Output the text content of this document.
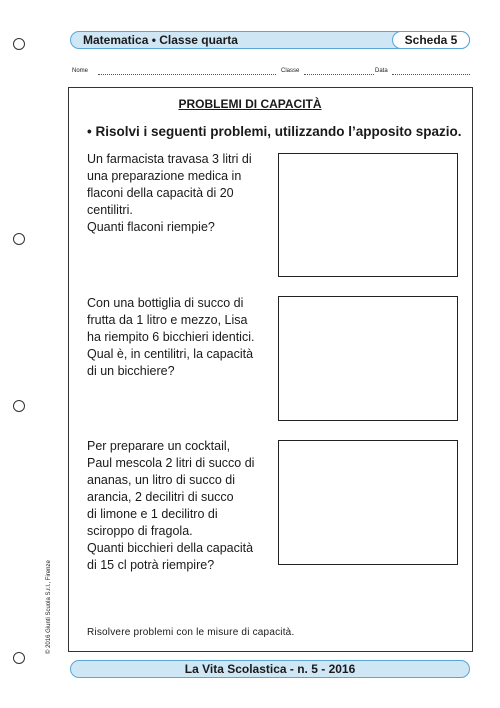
Matematica • Classe quarta	Scheda 5
Nome	Classe	Data
PROBLEMI DI CAPACITÀ
• Risolvi i seguenti problemi, utilizzando l’apposito spazio.
Un farmacista travasa 3 litri di
una preparazione medica in
flaconi della capacità di 20
centilitri.
Quanti flaconi riempie?
Con una bottiglia di succo di
frutta da 1 litro e mezzo, Lisa
ha riempito 6 bicchieri identici.
Qual è, in centilitri, la capacità
di un bicchiere?
Per preparare un cocktail,
Paul mescola 2 litri di succo di
ananas, un litro di succo di
arancia, 2 decilitri di succo
di limone e 1 decilitro di
sciroppo di fragola.
Quanti bicchieri della capacità
di 15 cl potrà riempire?
Risolvere problemi con le misure di capacità.
© 2016 Giunti Scuola S.r.l., Firenze
La Vita Scolastica - n. 5 - 2016
